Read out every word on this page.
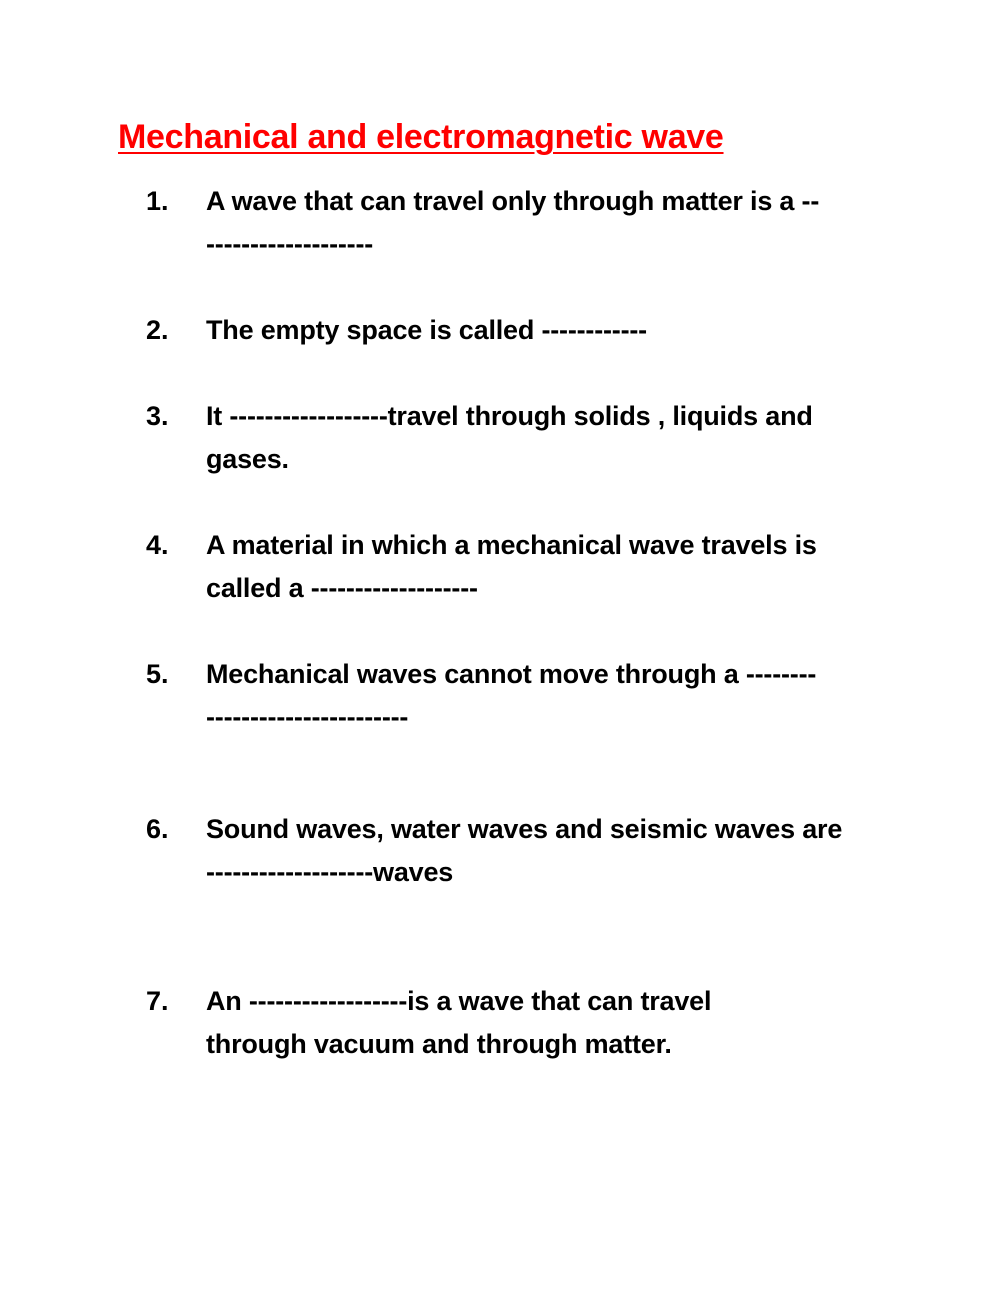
Mechanical and electromagnetic wave
1. A wave that can travel only through matter is a --
-------------------
2. The empty space is called ------------
3. It ------------------travel through solids , liquids and
gases.
4. A material in which a mechanical wave travels is
called a -------------------
5. Mechanical waves cannot move through a --------
-----------------------
6. Sound waves, water waves and seismic waves are
-------------------waves
7. An ------------------is a wave that can travel
through vacuum and through matter.
